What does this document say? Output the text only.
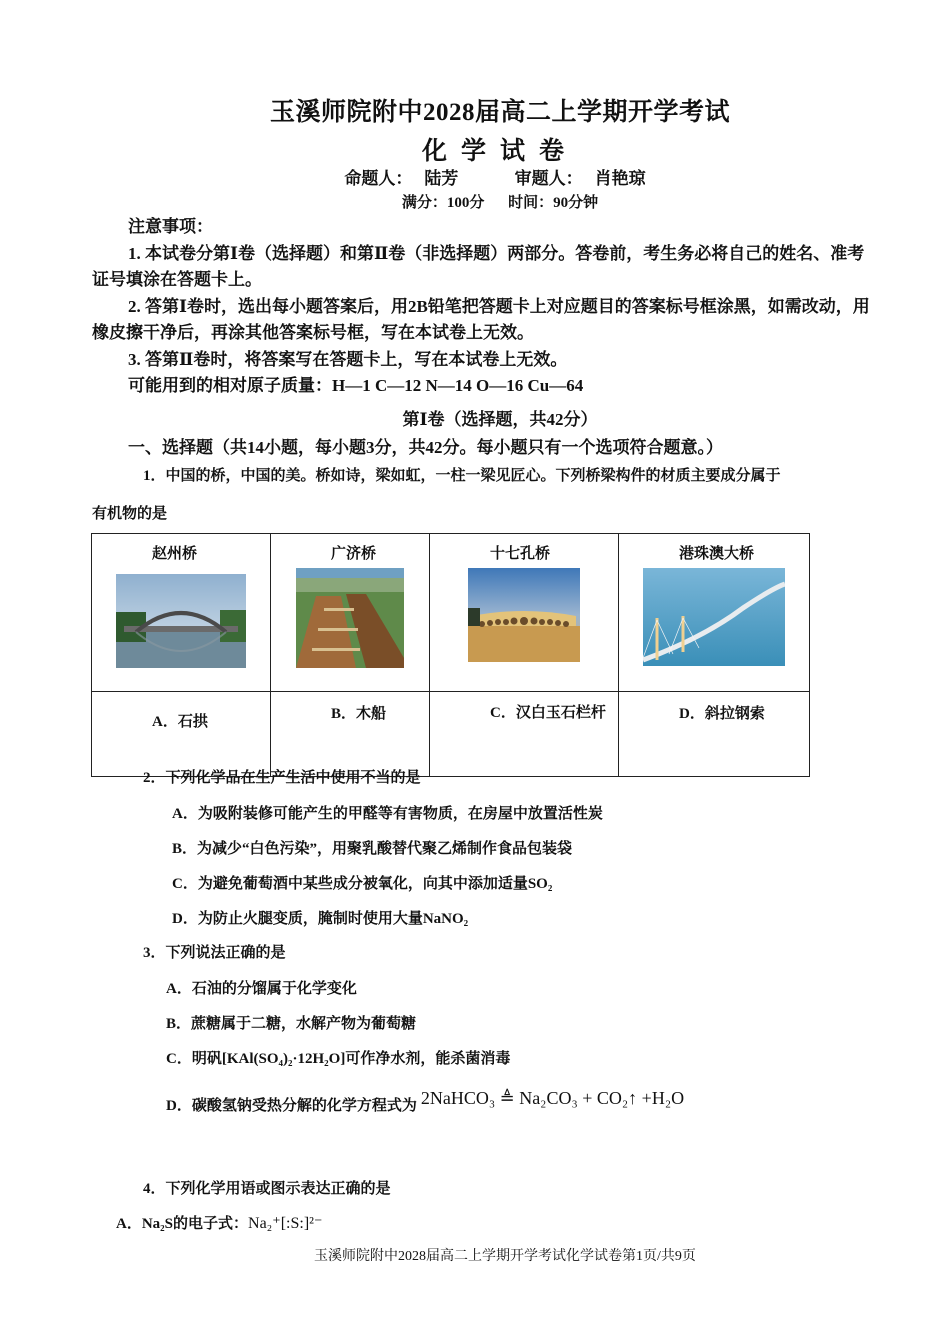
玉溪师院附中2028届高二上学期开学考试
化学试卷
命题人： 陆芳	审题人： 肖艳琼
满分：100分 时间：90分钟

注意事项：

1. 本试卷分第Ⅰ卷（选择题）和第Ⅱ卷（非选择题）两部分。答卷前，考生务必将自己的姓名、准考证号填涂在答题卡上。

2. 答第Ⅰ卷时，选出每小题答案后，用2B铅笔把答题卡上对应题目的答案标号框涂黑，如需改动，用橡皮擦干净后，再涂其他答案标号框，写在本试卷上无效。

3. 答第Ⅱ卷时，将答案写在答题卡上，写在本试卷上无效。

可能用到的相对原子质量：H—1 C—12 N—14 O—16 Cu—64

第Ⅰ卷（选择题，共42分）
一、选择题（共14小题，每小题3分，共42分。每小题只有一个选项符合题意。）
1．中国的桥，中国的美。桥如诗，梁如虹，一柱一梁见匠心。下列桥梁构件的材质主要成分属于
有机物的是
赵州桥	广济桥	十七孔桥	港珠澳大桥

A．石拱	B．木船	C．汉白玉石栏杆	D．斜拉钢索
2．下列化学品在生产生活中使用不当的是
A．为吸附装修可能产生的甲醛等有害物质，在房屋中放置活性炭
B．为减少“白色污染”，用聚乳酸替代聚乙烯制作食品包装袋
C．为避免葡萄酒中某些成分被氧化，向其中添加适量SO₂
D．为防止火腿变质，腌制时使用大量NaNO₂
3．下列说法正确的是
A．石油的分馏属于化学变化
B．蔗糖属于二糖，水解产物为葡萄糖
C．明矾[KAl(SO₄)₂·12H₂O]可作净水剂，能杀菌消毒
D．碳酸氢钠受热分解的化学方程式为 2NaHCO₃ ≜ Na₂CO₃ + CO₂↑ +H₂O
4．下列化学用语或图示表达正确的是
A．Na₂S的电子式：Na₂⁺[:S:]²⁻
玉溪师院附中2028届高二上学期开学考试化学试卷第1页/共9页
